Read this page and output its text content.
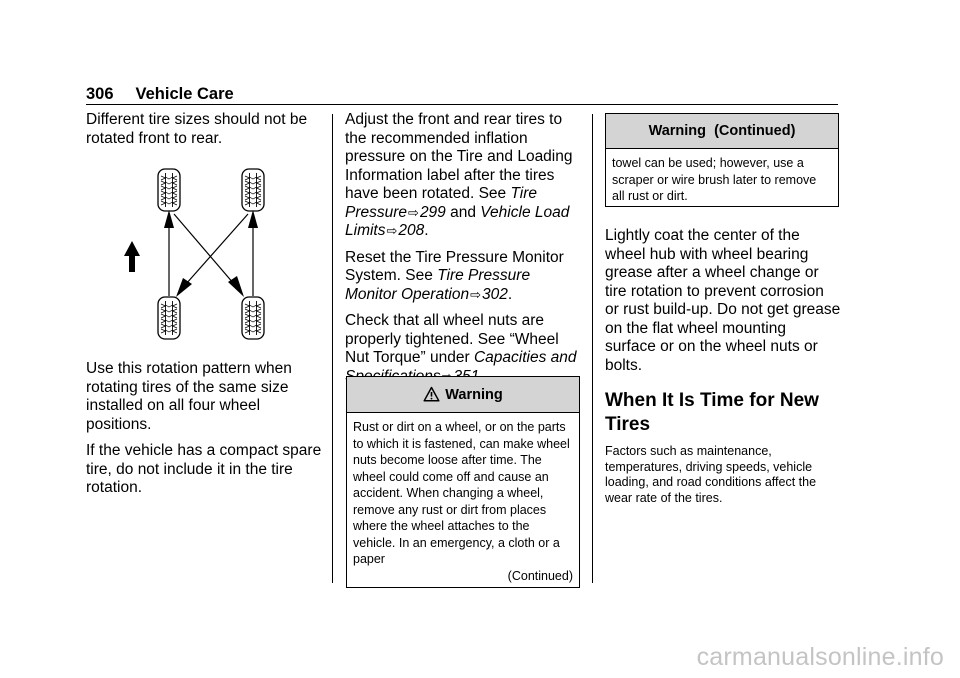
306 Vehicle Care

Different tire sizes should not be rotated front to rear.

Use this rotation pattern when rotating tires of the same size installed on all four wheel positions.

If the vehicle has a compact spare tire, do not include it in the tire rotation.

Adjust the front and rear tires to the recommended inflation pressure on the Tire and Loading Information label after the tires have been rotated. See Tire Pressure⇨299 and Vehicle Load Limits⇨208.

Reset the Tire Pressure Monitor System. See Tire Pressure Monitor Operation⇨302.

Check that all wheel nuts are properly tightened. See “Wheel Nut Torque” under Capacities and

Warning
Rust or dirt on a wheel, or on the parts to which it is fastened, can make wheel nuts become loose after time. The wheel could come off and cause an accident. When changing a wheel, remove any rust or dirt from places where the wheel attaches to the vehicle. In an emergency, a cloth or a paper
(Continued)
Warning  (Continued)
towel can be used; however, use a scraper or wire brush later to remove all rust or dirt.

Lightly coat the center of the wheel hub with wheel bearing grease after a wheel change or tire rotation to prevent corrosion or rust build-up. Do not get grease on the flat wheel mounting surface or on the wheel nuts or bolts.

When It Is Time for New Tires

Factors such as maintenance, temperatures, driving speeds, vehicle loading, and road conditions affect the wear rate of the tires.

carmanualsonline.info
